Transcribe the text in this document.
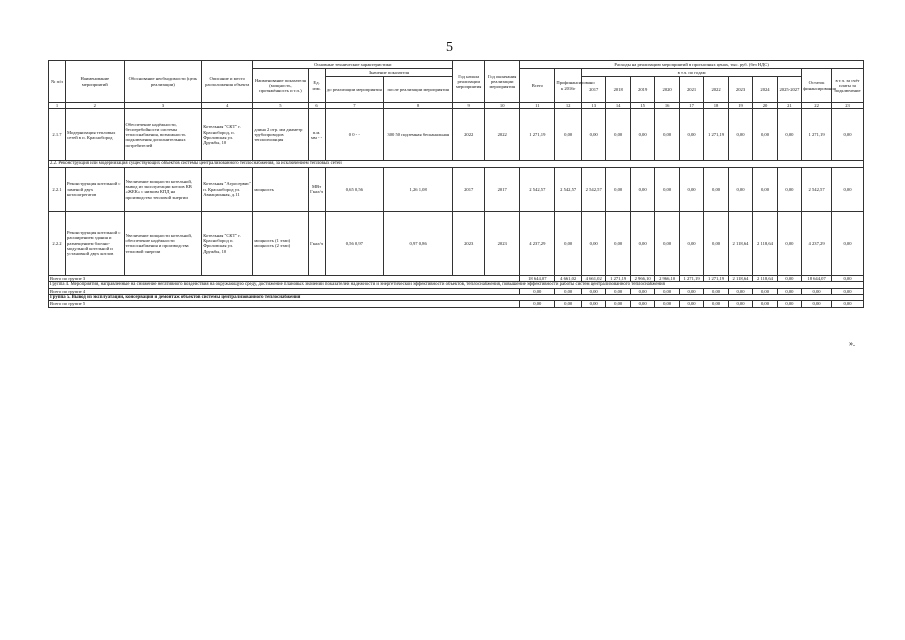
5
№ п/п	Наименование мероприятий	Обоснование необходимости (цель реализации)	Описание и место расположения объекта	Основные технические характеристики				Год начала реализации мероприятия	Год окончания реализации мероприятия	Расходы на реализацию мероприятий в прогнозных ценах, тыс. руб. (без НДС)												
				Наименование показателя (мощность, протяжённость и т.п.)	Ед. изм.	Значение показателя				Всего	Профинансировано к 2016г	в т.ч. по годам									Остаток финансирования	в т.ч. за счёт платы за подключение
						до реализации мероприятия	после реализации мероприятия					2017	2018	2019	2020	2021	2022	2023	2024	2025-2027		
1	2	3	4	5	6	7	8	9	10	11	12	13	14	15	16	17	18	19	20	21	22	23
2.1.7	Модернизация тепловых сетей в п. Краснобород	Обеспечение надёжности, бесперебойности системы теплоснабжения, возможность подключения дополнительных потребителей	Котельная "СКТ" г. Краснобород, п. Фроловская ул. Дружбы, 10	длина 2 отр. мм диаметр трубопроводов теплоизоляция	п.м. мм - -	0 0 - -	300 50 подземная бесканальная	2022	2022	1 271,19	0,00	0,00	0,00	0,00	0,00	0,00	1 271,19	0,00	0,00	0,00	1 271,19	0,00
2.2. Реконструкция или модернизация существующих объектов системы централизованного теплоснабжения, за исключением тепловых сетей																						
2.2.1	Реконструкция котельной с заменой двух котлоагрегатов	Увеличение мощности котельной, вывод из эксплуатации котлов КВ «ЖЕК» с низким КПД на производство тепловой энергии	Котельная "Агросервис" п. Краснобород ул. Авиационная, д.11	мощность	МВт Гкал/ч	0,65 0,56	1,26 1,08	2017	2017	2 542,57	2 542,57	2 542,57	0,00	0,00	0,00	0,00	0,00	0,00	0,00	0,00	2 542,57	0,00
2.2.2	Реконструкция котельной с расширением здания и размещением блочно-модульной котельной и установкой двух котлов	Увеличение мощности котельной, обеспечение надёжности теплоснабжения и производства тепловой энергии	Котельная "СКТ" г. Краснобород п. Фроловская ул. Дружбы, 10	мощность (1 этап) мощность (2 этап)	Гкал/ч	0,56 0,97	0,97 0,86	2023	2023	4 237,29	0,00	0,00	0,00	0,00	0,00	0,00	0,00	2 118,64	2 118,64	0,00	4 237,29	0,00
Всего по группе 3										18 644,07	4 661,02	4 661,02	1 271,19	2 966,10	2 966,10	1 271,19	1 271,19	2 118,64	2 118,64	0,00	18 644,07	0,00
Группа 4. Мероприятия, направленные на снижение негативного воздействия на окружающую среду, достижение плановых значений показателей надежности и энергетической эффективности объектов, теплоснабжения, повышение эффективности работы систем централизованного теплоснабжения																						
Всего по группе 4										0,00	0,00	0,00	0,00	0,00	0,00	0,00	0,00	0,00	0,00	0,00	0,00	0,00
Группа 5. Вывод из эксплуатации, консервация и демонтаж объектов системы централизованного теплоснабжения																						
Всего по группе 5										0,00	0,00	0,00	0,00	0,00	0,00	0,00	0,00	0,00	0,00	0,00	0,00	0,00
».
